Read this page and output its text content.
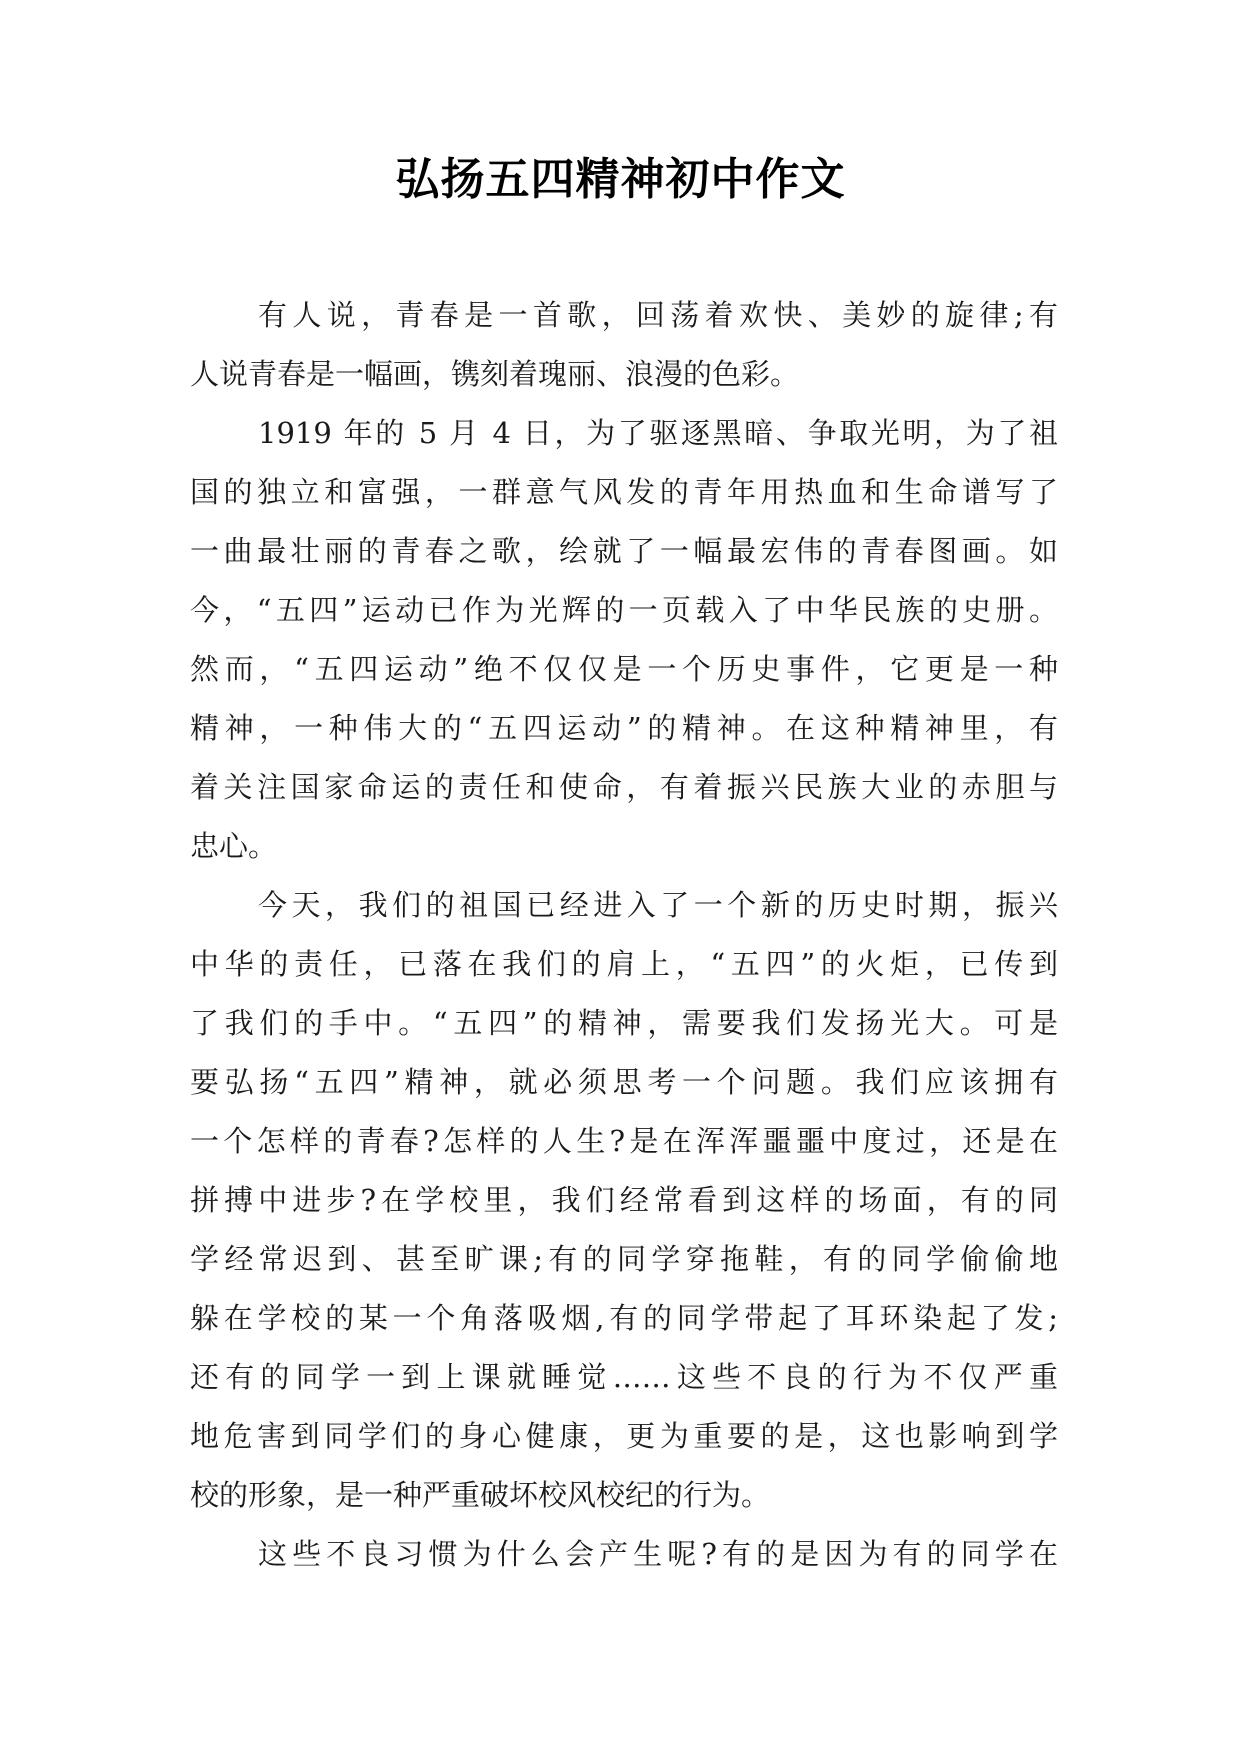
弘扬五四精神初中作文
有人说，青春是一首歌，回荡着欢快、美妙的旋律;有
人说青春是一幅画，镌刻着瑰丽、浪漫的色彩。
1919 年的 5 月 4 日，为了驱逐黑暗、争取光明，为了祖
国的独立和富强，一群意气风发的青年用热血和生命谱写了
一曲最壮丽的青春之歌，绘就了一幅最宏伟的青春图画。如
今，“五四”运动已作为光辉的一页载入了中华民族的史册。
然而，“五四运动”绝不仅仅是一个历史事件，它更是一种
精神，一种伟大的“五四运动”的精神。在这种精神里，有
着关注国家命运的责任和使命，有着振兴民族大业的赤胆与
忠心。
今天，我们的祖国已经进入了一个新的历史时期，振兴
中华的责任，已落在我们的肩上，“五四”的火炬，已传到
了我们的手中。“五四”的精神，需要我们发扬光大。可是
要弘扬“五四”精神，就必须思考一个问题。我们应该拥有
一个怎样的青春?怎样的人生?是在浑浑噩噩中度过，还是在
拼搏中进步?在学校里，我们经常看到这样的场面，有的同
学经常迟到、甚至旷课;有的同学穿拖鞋，有的同学偷偷地
躲在学校的某一个角落吸烟,有的同学带起了耳环染起了发;
还有的同学一到上课就睡觉……这些不良的行为不仅严重
地危害到同学们的身心健康，更为重要的是，这也影响到学
校的形象，是一种严重破坏校风校纪的行为。
这些不良习惯为什么会产生呢?有的是因为有的同学在
